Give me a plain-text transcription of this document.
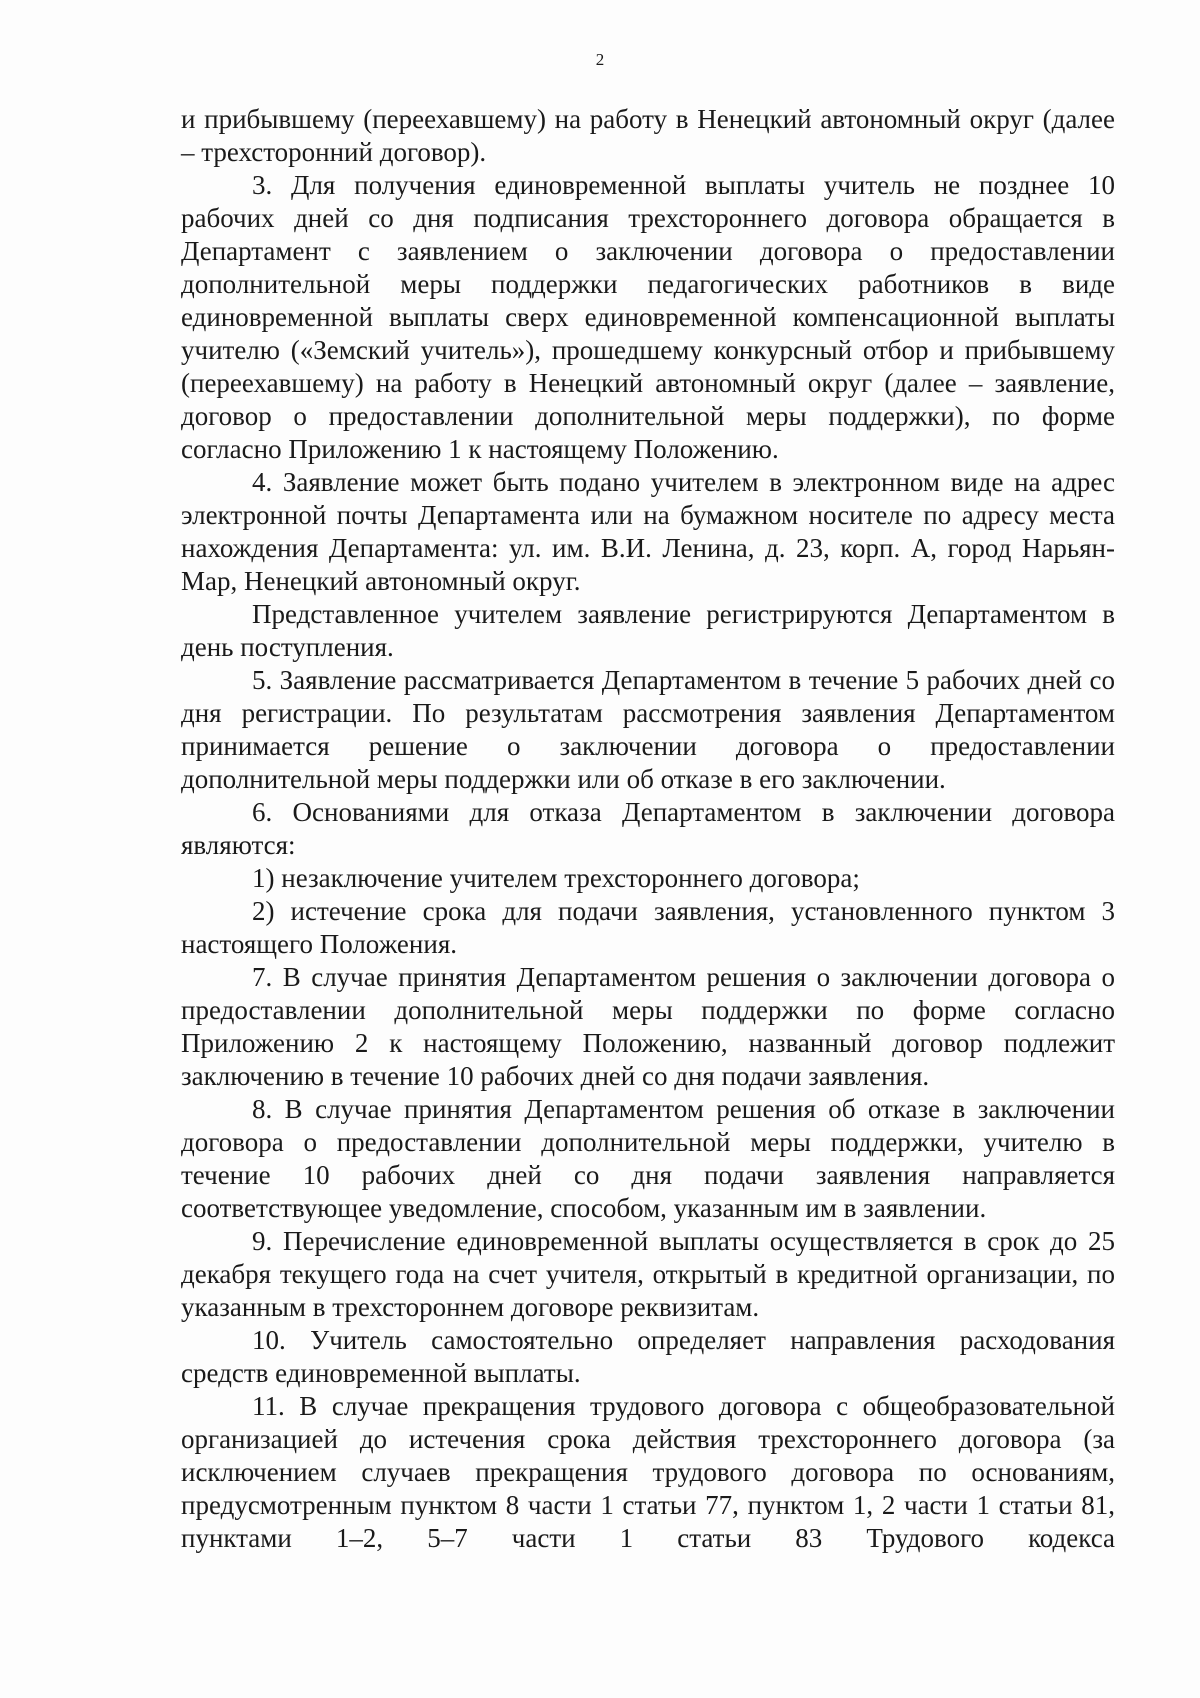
2

и прибывшему (переехавшему) на работу в Ненецкий автономный округ (далее – трехсторонний договор).

3. Для получения единовременной выплаты учитель не позднее 10 рабочих дней со дня подписания трехстороннего договора обращается в Департамент с заявлением о заключении договора о предоставлении дополнительной меры поддержки педагогических работников в виде единовременной выплаты сверх единовременной компенсационной выплаты учителю («Земский учитель»), прошедшему конкурсный отбор и прибывшему (переехавшему) на работу в Ненецкий автономный округ (далее – заявление, договор о предоставлении дополнительной меры поддержки), по форме согласно Приложению 1 к настоящему Положению.

4. Заявление может быть подано учителем в электронном виде на адрес электронной почты Департамента или на бумажном носителе по адресу места нахождения Департамента: ул. им. В.И. Ленина, д. 23, корп. А, город Нарьян-Мар, Ненецкий автономный округ.

Представленное учителем заявление регистрируются Департаментом в день поступления.

5. Заявление рассматривается Департаментом в течение 5 рабочих дней со дня регистрации. По результатам рассмотрения заявления Департаментом принимается решение о заключении договора о предоставлении дополнительной меры поддержки или об отказе в его заключении.

6. Основаниями для отказа Департаментом в заключении договора являются:

1) незаключение учителем трехстороннего договора;

2) истечение срока для подачи заявления, установленного пунктом 3 настоящего Положения.

7. В случае принятия Департаментом решения о заключении договора о предоставлении дополнительной меры поддержки по форме согласно Приложению 2 к настоящему Положению, названный договор подлежит заключению в течение 10 рабочих дней со дня подачи заявления.

8. В случае принятия Департаментом решения об отказе в заключении договора о предоставлении дополнительной меры поддержки, учителю в течение 10 рабочих дней со дня подачи заявления направляется соответствующее уведомление, способом, указанным им в заявлении.

9. Перечисление единовременной выплаты осуществляется в срок до 25 декабря текущего года на счет учителя, открытый в кредитной организации, по указанным в трехстороннем договоре реквизитам.

10. Учитель самостоятельно определяет направления расходования средств единовременной выплаты.

11. В случае прекращения трудового договора с общеобразовательной организацией до истечения срока действия трехстороннего договора (за исключением случаев прекращения трудового договора по основаниям, предусмотренным пунктом 8 части 1 статьи 77, пунктом 1, 2 части 1 статьи 81, пунктами 1–2, 5–7 части 1 статьи 83 Трудового кодекса
